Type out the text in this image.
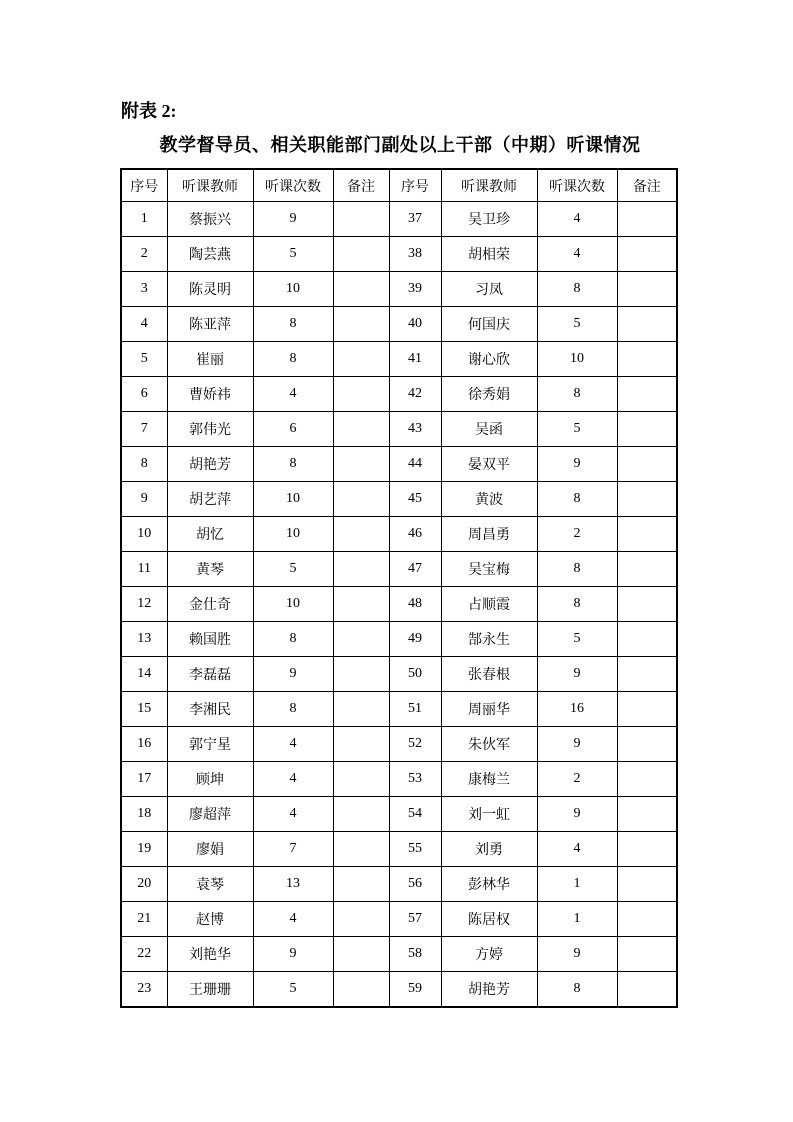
附表 2:
教学督导员、相关职能部门副处以上干部（中期）听课情况
序号	听课教师	听课次数	备注	序号	听课教师	听课次数	备注
1	蔡振兴	9		37	吴卫珍	4	
2	陶芸燕	5		38	胡相荣	4	
3	陈灵明	10		39	习凤	8	
4	陈亚萍	8		40	何国庆	5	
5	崔丽	8		41	谢心欣	10	
6	曹娇祎	4		42	徐秀娟	8	
7	郭伟光	6		43	吴函	5	
8	胡艳芳	8		44	晏双平	9	
9	胡艺萍	10		45	黄波	8	
10	胡忆	10		46	周昌勇	2	
11	黄琴	5		47	吴宝梅	8	
12	金仕奇	10		48	占顺霞	8	
13	赖国胜	8		49	郜永生	5	
14	李磊磊	9		50	张春根	9	
15	李湘民	8		51	周丽华	16	
16	郭宁星	4		52	朱伙军	9	
17	顾坤	4		53	康梅兰	2	
18	廖超萍	4		54	刘一虹	9	
19	廖娟	7		55	刘勇	4	
20	袁琴	13		56	彭林华	1	
21	赵博	4		57	陈居权	1	
22	刘艳华	9		58	方婷	9	
23	王珊珊	5		59	胡艳芳	8	
